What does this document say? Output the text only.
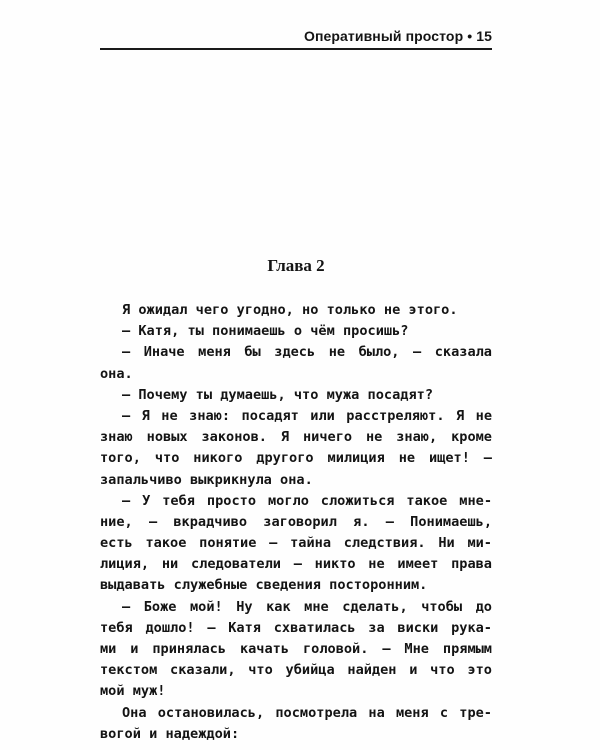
Оперативный простор • 15
Глава 2
Я ожидал чего угодно, но только не этого.
— Катя, ты понимаешь о чём просишь?
— Иначе меня бы здесь не было, — сказала
она.
— Почему ты думаешь, что мужа посадят?
— Я не знаю: посадят или расстреляют. Я не
знаю новых законов. Я ничего не знаю, кроме
того, что никого другого милиция не ищет! —
запальчиво выкрикнула она.
— У тебя просто могло сложиться такое мне-
ние, — вкрадчиво заговорил я. — Понимаешь,
есть такое понятие — тайна следствия. Ни ми-
лиция, ни следователи — никто не имеет права
выдавать служебные сведения посторонним.
— Боже мой! Ну как мне сделать, чтобы до
тебя дошло! — Катя схватилась за виски рука-
ми и принялась качать головой. — Мне прямым
текстом сказали, что убийца найден и что это
мой муж!
Она остановилась, посмотрела на меня с тре-
вогой и надеждой:
